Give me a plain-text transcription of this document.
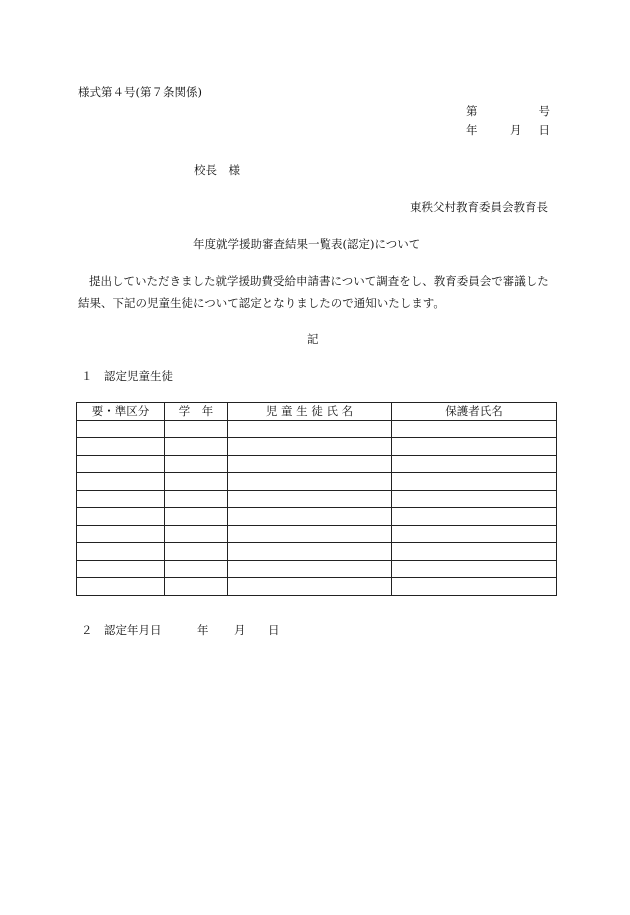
様式第４号(第７条関係)
第	号
年	月 日
校長　様
東秩父村教育委員会教育長
年度就学援助審査結果一覧表(認定)について
提出していただきました就学援助費受給申請書について調査をし、教育委員会で審議した結果、下記の児童生徒について認定となりましたので通知いたします。
記
１　認定児童生徒
要・準区分	学　年	児 童 生 徒 氏 名	保護者氏名

２　認定年月日	年 月 日
